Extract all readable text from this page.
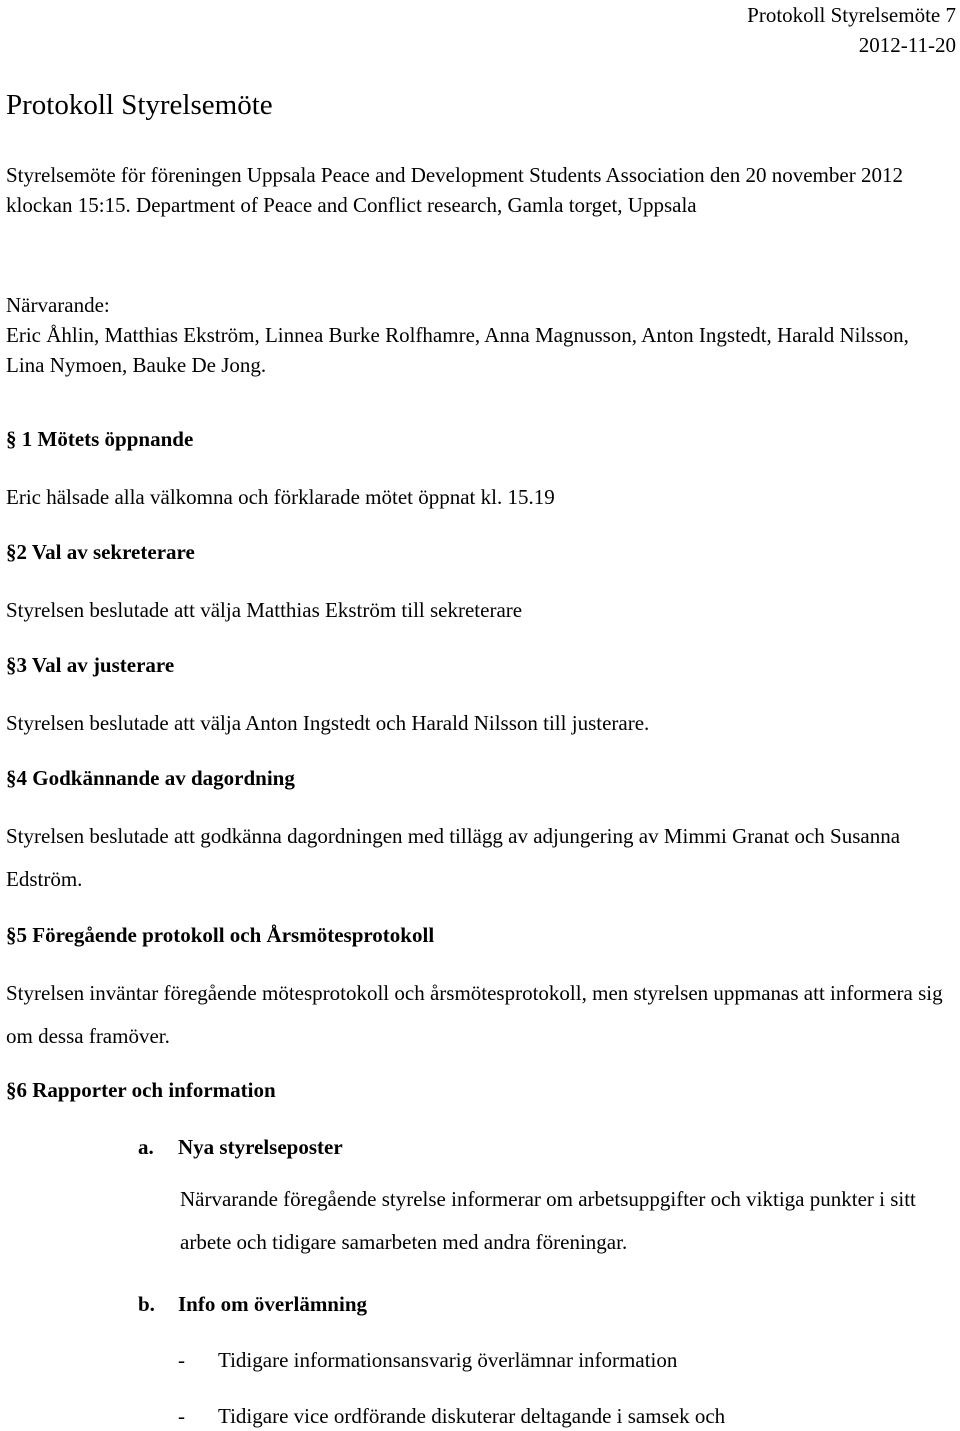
Protokoll Styrelsemöte 7
2012-11-20
Protokoll Styrelsemöte

Styrelsemöte för föreningen Uppsala Peace and Development Students Association den 20 november 2012 klockan 15:15. Department of Peace and Conflict research, Gamla torget, Uppsala

Närvarande:
Eric Åhlin, Matthias Ekström, Linnea Burke Rolfhamre, Anna Magnusson, Anton Ingstedt, Harald Nilsson, Lina Nymoen, Bauke De Jong.

§ 1 Mötets öppnande

Eric hälsade alla välkomna och förklarade mötet öppnat kl. 15.19

§2 Val av sekreterare

Styrelsen beslutade att välja Matthias Ekström till sekreterare

§3 Val av justerare

Styrelsen beslutade att välja Anton Ingstedt och Harald Nilsson till justerare.

§4 Godkännande av dagordning

Styrelsen beslutade att godkänna dagordningen med tillägg av adjungering av Mimmi Granat och Susanna Edström.

§5 Föregående protokoll och Årsmötesprotokoll

Styrelsen inväntar föregående mötesprotokoll och årsmötesprotokoll, men styrelsen uppmanas att informera sig om dessa framöver.

§6 Rapporter och information

a. Nya styrelseposter
Närvarande föregående styrelse informerar om arbetsuppgifter och viktiga punkter i sitt arbete och tidigare samarbeten med andra föreningar.
b. Info om överlämning
- Tidigare informationsansvarig överlämnar information
- Tidigare vice ordförande diskuterar deltagande i samsek och
